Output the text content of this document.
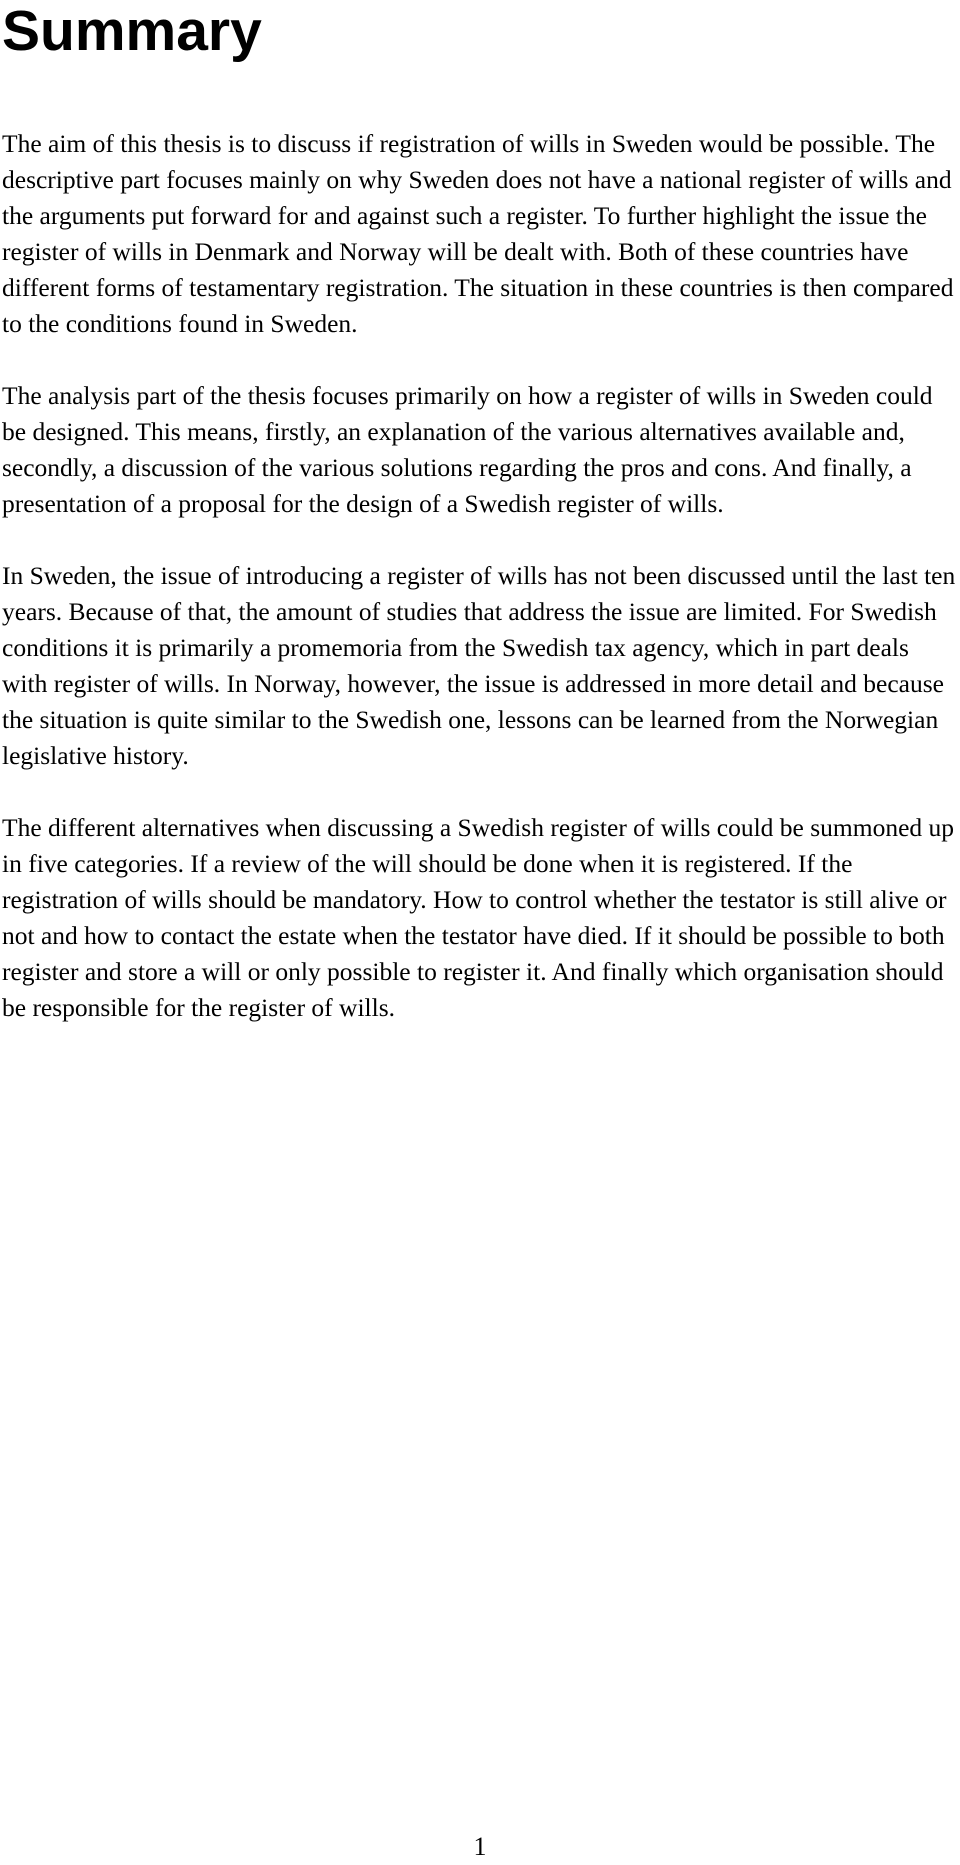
Summary

The aim of this thesis is to discuss if registration of wills in Sweden would be possible. The descriptive part focuses mainly on why Sweden does not have a national register of wills and the arguments put forward for and against such a register. To further highlight the issue the register of wills in Denmark and Norway will be dealt with. Both of these countries have different forms of testamentary registration. The situation in these countries is then compared to the conditions found in Sweden.

The analysis part of the thesis focuses primarily on how a register of wills in Sweden could be designed. This means, firstly, an explanation of the various alternatives available and, secondly, a discussion of the various solutions regarding the pros and cons. And finally, a presentation of a proposal for the design of a Swedish register of wills.

In Sweden, the issue of introducing a register of wills has not been discussed until the last ten years. Because of that, the amount of studies that address the issue are limited. For Swedish conditions it is primarily a promemoria from the Swedish tax agency, which in part deals with register of wills. In Norway, however, the issue is addressed in more detail and because the situation is quite similar to the Swedish one, lessons can be learned from the Norwegian legislative history.

The different alternatives when discussing a Swedish register of wills could be summoned up in five categories. If a review of the will should be done when it is registered. If the registration of wills should be mandatory. How to control whether the testator is still alive or not and how to contact the estate when the testator have died. If it should be possible to both register and store a will or only possible to register it. And finally which organisation should be responsible for the register of wills.

1
